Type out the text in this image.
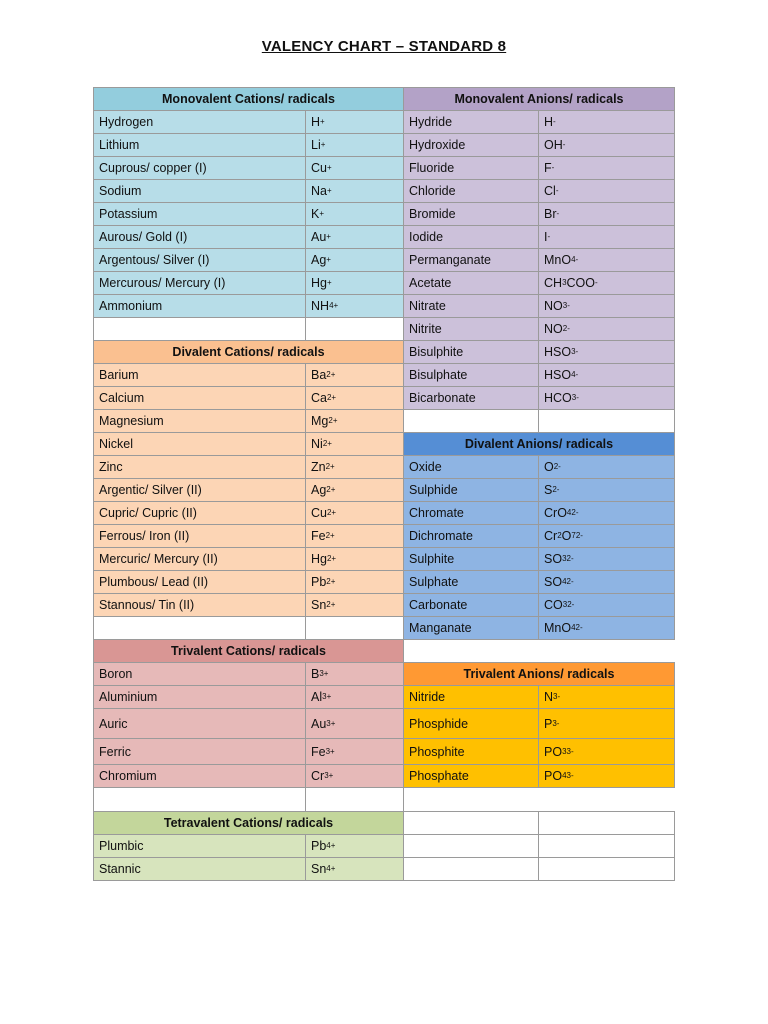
VALENCY CHART – STANDARD 8
Monovalent Cations/ radicals
Hydrogen	H +
Lithium	Li +
Cuprous/ copper (I)	Cu +
Sodium	Na +
Potassium	K +
Aurous/ Gold (I)	Au +
Argentous/ Silver (I)	Ag +
Mercurous/ Mercury (I)	Hg +
Ammonium	NH 4 +
Divalent Cations/ radicals
Barium	Ba 2+
Calcium	Ca 2+
Magnesium	Mg 2+
Nickel	Ni 2+
Zinc	Zn 2+
Argentic/ Silver (II)	Ag 2+
Cupric/ Cupric (II)	Cu 2+
Ferrous/ Iron (II)	Fe 2+
Mercuric/ Mercury (II)	Hg 2+
Plumbous/ Lead (II)	Pb 2+
Stannous/ Tin (II)	Sn 2+
Trivalent Cations/ radicals
Boron	B 3+
Aluminium	Al 3+
Auric	Au 3+
Ferric	Fe 3+
Chromium	Cr 3+
Tetravalent Cations/ radicals
Plumbic	Pb 4+
Stannic	Sn 4+
Monovalent Anions/ radicals
Hydride	H -
Hydroxide	OH -
Fluoride	F -
Chloride	Cl -
Bromide	Br -
Iodide	I -
Permanganate	MnO 4 -
Acetate	CH 3 COO -
Nitrate	NO 3 -
Nitrite	NO 2 -
Bisulphite	HSO 3 -
Bisulphate	HSO 4 -
Bicarbonate	HCO 3 -
Divalent Anions/ radicals
Oxide	O 2-
Sulphide	S 2-
Chromate	CrO 4 2-
Dichromate	Cr 2 O 7 2-
Sulphite	SO 3 2-
Sulphate	SO 4 2-
Carbonate	CO 3 2-
Manganate	MnO 4 2-
Trivalent Anions/ radicals
Nitride	N 3-
Phosphide	P 3-
Phosphite	PO 3 3-
Phosphate	PO 4 3-
